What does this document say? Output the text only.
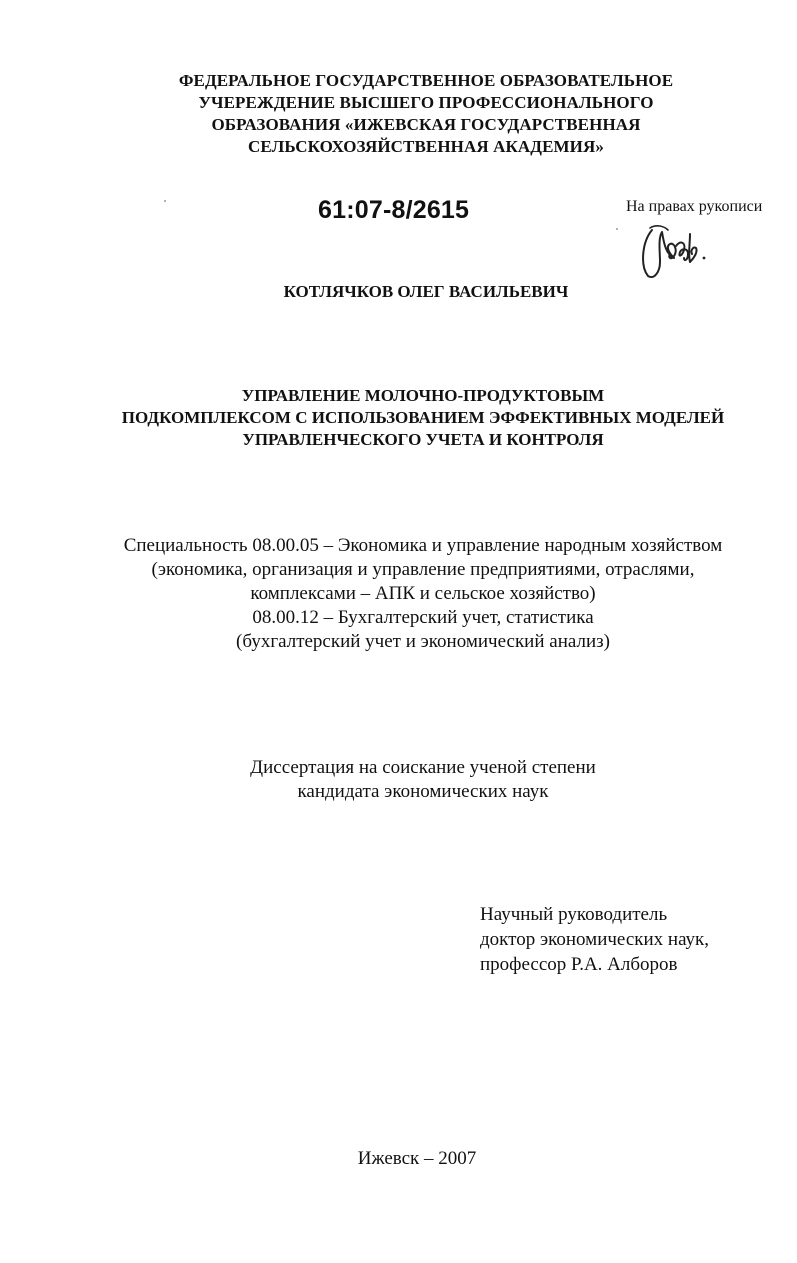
ФЕДЕРАЛЬНОЕ ГОСУДАРСТВЕННОЕ ОБРАЗОВАТЕЛЬНОЕ
УЧЕРЕЖДЕНИЕ ВЫСШЕГО ПРОФЕССИОНАЛЬНОГО
ОБРАЗОВАНИЯ «ИЖЕВСКАЯ ГОСУДАРСТВЕННАЯ
СЕЛЬСКОХОЗЯЙСТВЕННАЯ АКАДЕМИЯ»
61:07-8/2615	На правах рукописи
КОТЛЯЧКОВ ОЛЕГ ВАСИЛЬЕВИЧ
УПРАВЛЕНИЕ МОЛОЧНО-ПРОДУКТОВЫМ
ПОДКОМПЛЕКСОМ С ИСПОЛЬЗОВАНИЕМ ЭФФЕКТИВНЫХ МОДЕЛЕЙ
УПРАВЛЕНЧЕСКОГО УЧЕТА И КОНТРОЛЯ
Специальность 08.00.05 – Экономика и управление народным хозяйством
(экономика, организация и управление предприятиями, отраслями,
комплексами – АПК и сельское хозяйство)
08.00.12 – Бухгалтерский учет, статистика
(бухгалтерский учет и экономический анализ)
Диссертация на соискание ученой степени
кандидата экономических наук
Научный руководитель
доктор экономических наук,
профессор Р.А. Алборов
Ижевск – 2007
